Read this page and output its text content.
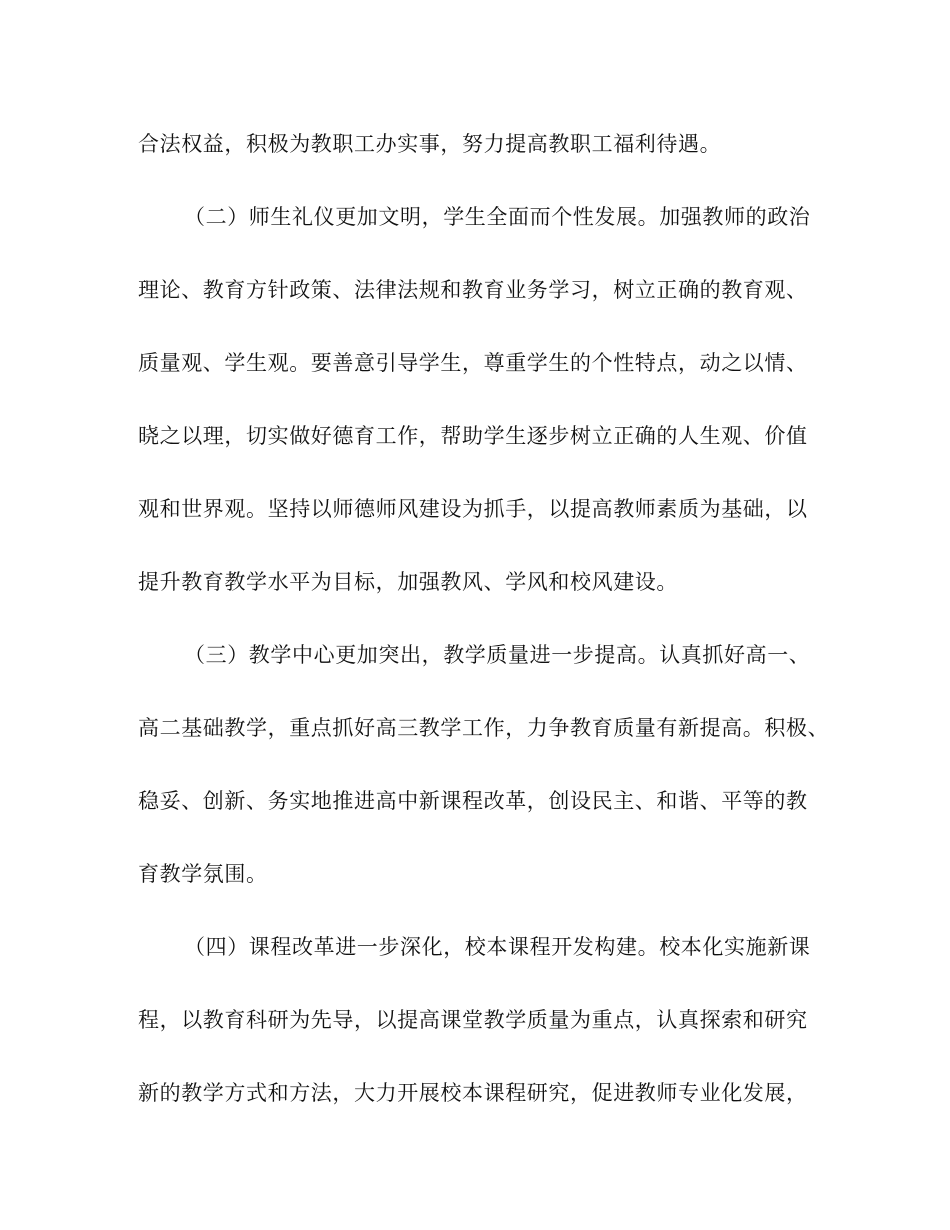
合法权益，积极为教职工办实事，努力提高教职工福利待遇。
（二）师生礼仪更加文明，学生全面而个性发展。加强教师的政治
理论、教育方针政策、法律法规和教育业务学习，树立正确的教育观、
质量观、学生观。要善意引导学生，尊重学生的个性特点，动之以情、
晓之以理，切实做好德育工作，帮助学生逐步树立正确的人生观、价值
观和世界观。坚持以师德师风建设为抓手，以提高教师素质为基础，以
提升教育教学水平为目标，加强教风、学风和校风建设。
（三）教学中心更加突出，教学质量进一步提高。认真抓好高一、
高二基础教学，重点抓好高三教学工作，力争教育质量有新提高。积极、
稳妥、创新、务实地推进高中新课程改革，创设民主、和谐、平等的教
育教学氛围。
（四）课程改革进一步深化，校本课程开发构建。校本化实施新课
程，以教育科研为先导，以提高课堂教学质量为重点，认真探索和研究
新的教学方式和方法，大力开展校本课程研究，促进教师专业化发展，
